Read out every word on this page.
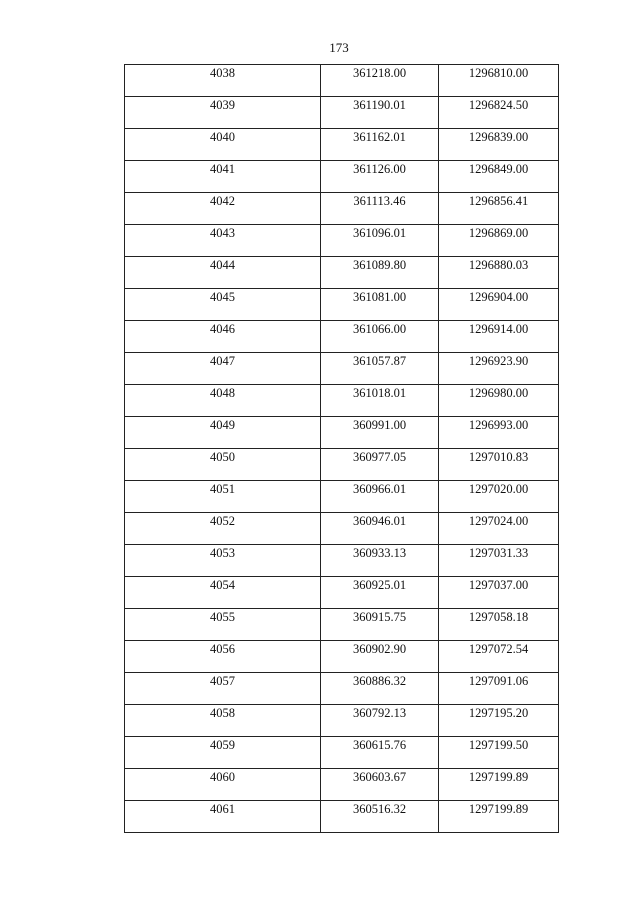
173
4038	361218.00	1296810.00
4039	361190.01	1296824.50
4040	361162.01	1296839.00
4041	361126.00	1296849.00
4042	361113.46	1296856.41
4043	361096.01	1296869.00
4044	361089.80	1296880.03
4045	361081.00	1296904.00
4046	361066.00	1296914.00
4047	361057.87	1296923.90
4048	361018.01	1296980.00
4049	360991.00	1296993.00
4050	360977.05	1297010.83
4051	360966.01	1297020.00
4052	360946.01	1297024.00
4053	360933.13	1297031.33
4054	360925.01	1297037.00
4055	360915.75	1297058.18
4056	360902.90	1297072.54
4057	360886.32	1297091.06
4058	360792.13	1297195.20
4059	360615.76	1297199.50
4060	360603.67	1297199.89
4061	360516.32	1297199.89
